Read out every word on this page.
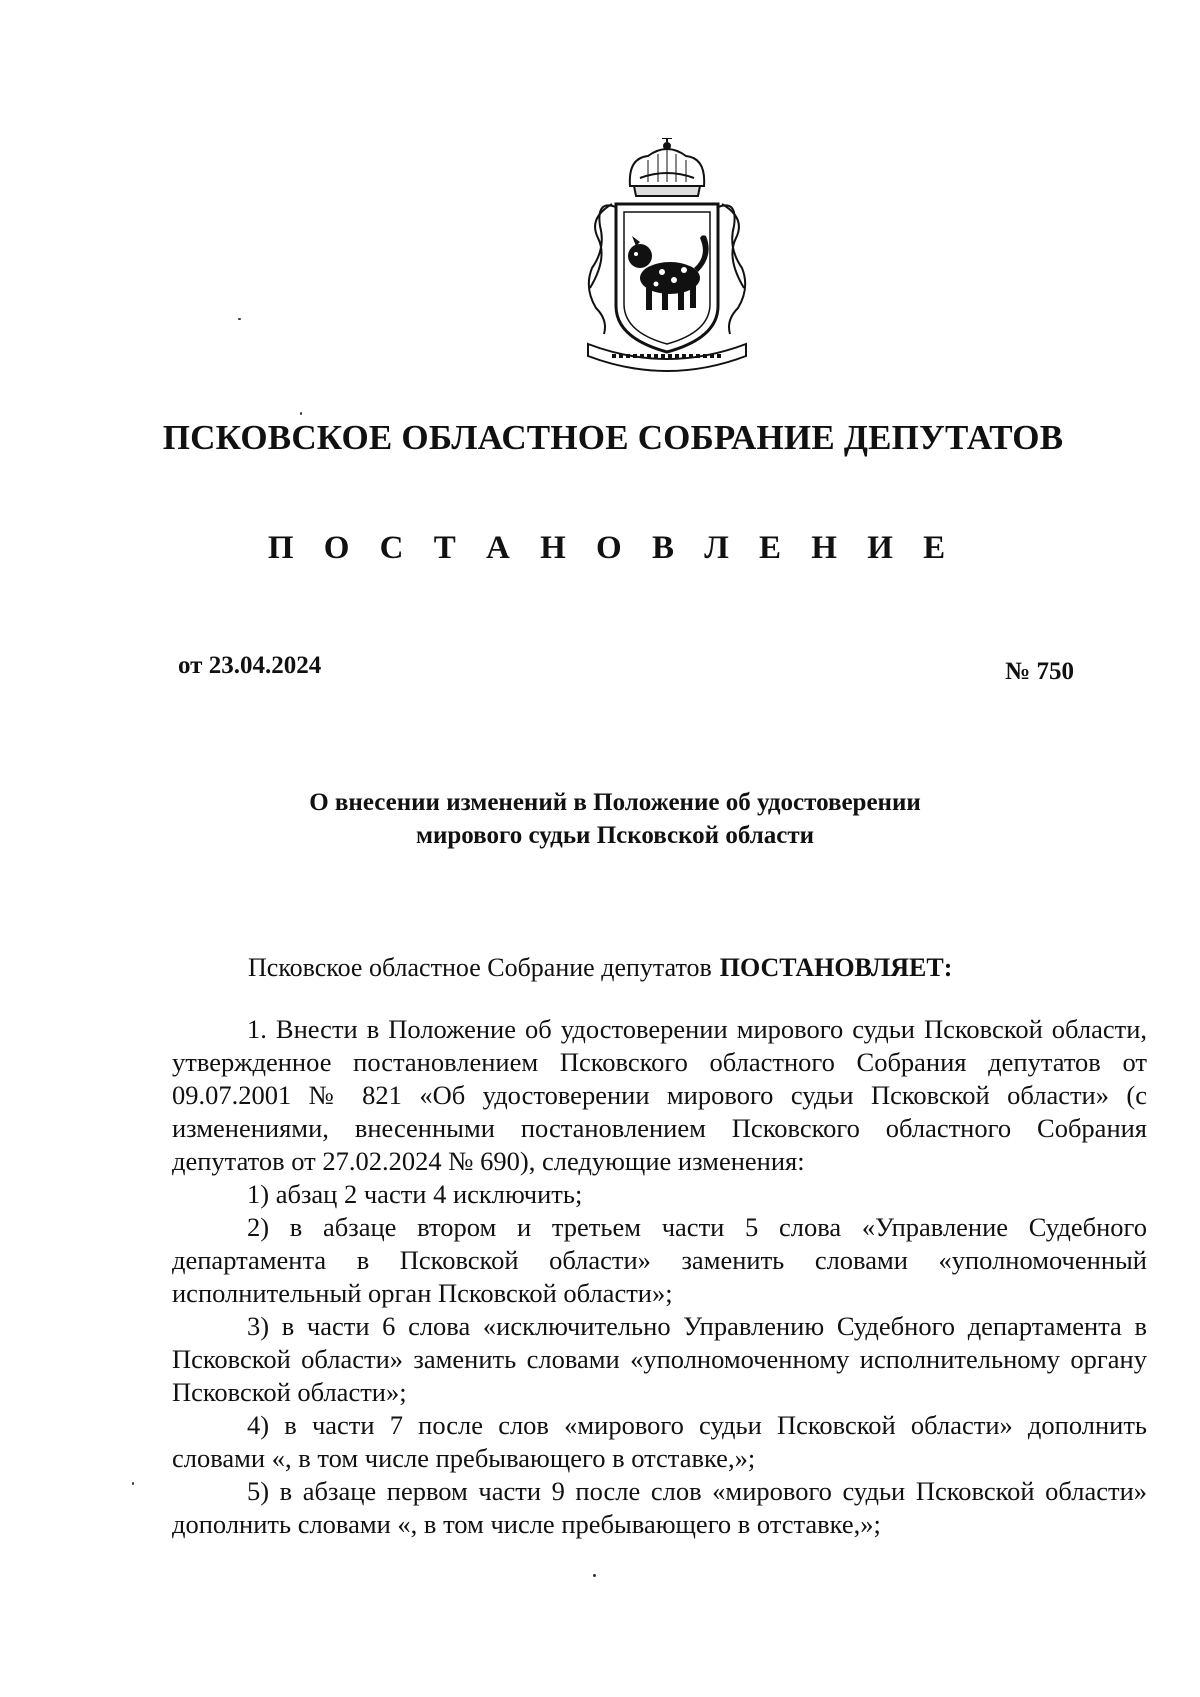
ПСКОВСКОЕ ОБЛАСТНОЕ СОБРАНИЕ ДЕПУТАТОВ
П О С Т А Н О В Л Е Н И Е
от 23.04.2024	№ 750
О внесении изменений в Положение об удостоверении
мирового судьи Псковской области
Псковское областное Собрание депутатов ПОСТАНОВЛЯЕТ:

1. Внести в Положение об удостоверении мирового судьи Псковской области, утвержденное постановлением Псковского областного Собрания депутатов от 09.07.2001 № 821 «Об удостоверении мирового судьи Псковской области» (с изменениями, внесенными постановлением Псковского областного Собрания депутатов от 27.02.2024 № 690), следующие изменения:

1) абзац 2 части 4 исключить;

2) в абзаце втором и третьем части 5 слова «Управление Судебного департамента в Псковской области» заменить словами «уполномоченный исполнительный орган Псковской области»;

3) в части 6 слова «исключительно Управлению Судебного департамента в Псковской области» заменить словами «уполномоченному исполнительному органу Псковской области»;

4) в части 7 после слов «мирового судьи Псковской области» дополнить словами «, в том числе пребывающего в отставке,»;

5) в абзаце первом части 9 после слов «мирового судьи Псковской области» дополнить словами «, в том числе пребывающего в отставке,»;
